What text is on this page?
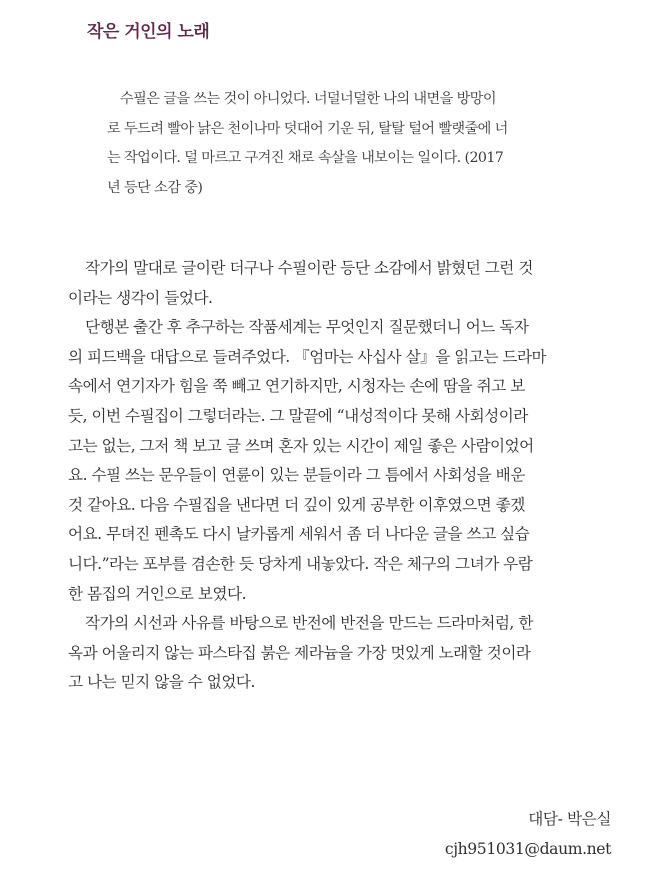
작은 거인의 노래
수필은 글을 쓰는 것이 아니었다. 너덜너덜한 나의 내면을 방망이
로 두드려 빨아 낡은 천이나마 덧대어 기운 뒤, 탈탈 털어 빨랫줄에 너
는 작업이다. 덜 마르고 구겨진 채로 속살을 내보이는 일이다. (2017
년 등단 소감 중)

작가의 말대로 글이란 더구나 수필이란 등단 소감에서 밝혔던 그런 것
이라는 생각이 들었다.

단행본 출간 후 추구하는 작품세계는 무엇인지 질문했더니 어느 독자
의 피드백을 대답으로 들려주었다. 『엄마는 사십사 살』을 읽고는 드라마
속에서 연기자가 힘을 쭉 빼고 연기하지만, 시청자는 손에 땀을 쥐고 보
듯, 이번 수필집이 그렇더라는. 그 말끝에 “내성적이다 못해 사회성이라
고는 없는, 그저 책 보고 글 쓰며 혼자 있는 시간이 제일 좋은 사람이었어
요. 수필 쓰는 문우들이 연륜이 있는 분들이라 그 틈에서 사회성을 배운
것 같아요. 다음 수필집을 낸다면 더 깊이 있게 공부한 이후였으면 좋겠
어요. 무뎌진 펜촉도 다시 날카롭게 세워서 좀 더 나다운 글을 쓰고 싶습
니다.”라는 포부를 겸손한 듯 당차게 내놓았다. 작은 체구의 그녀가 우람
한 몸집의 거인으로 보였다.

작가의 시선과 사유를 바탕으로 반전에 반전을 만드는 드라마처럼, 한
옥과 어울리지 않는 파스타집 붉은 제라늄을 가장 멋있게 노래할 것이라
고 나는 믿지 않을 수 없었다.

대담- 박은실
cjh951031@daum.net
